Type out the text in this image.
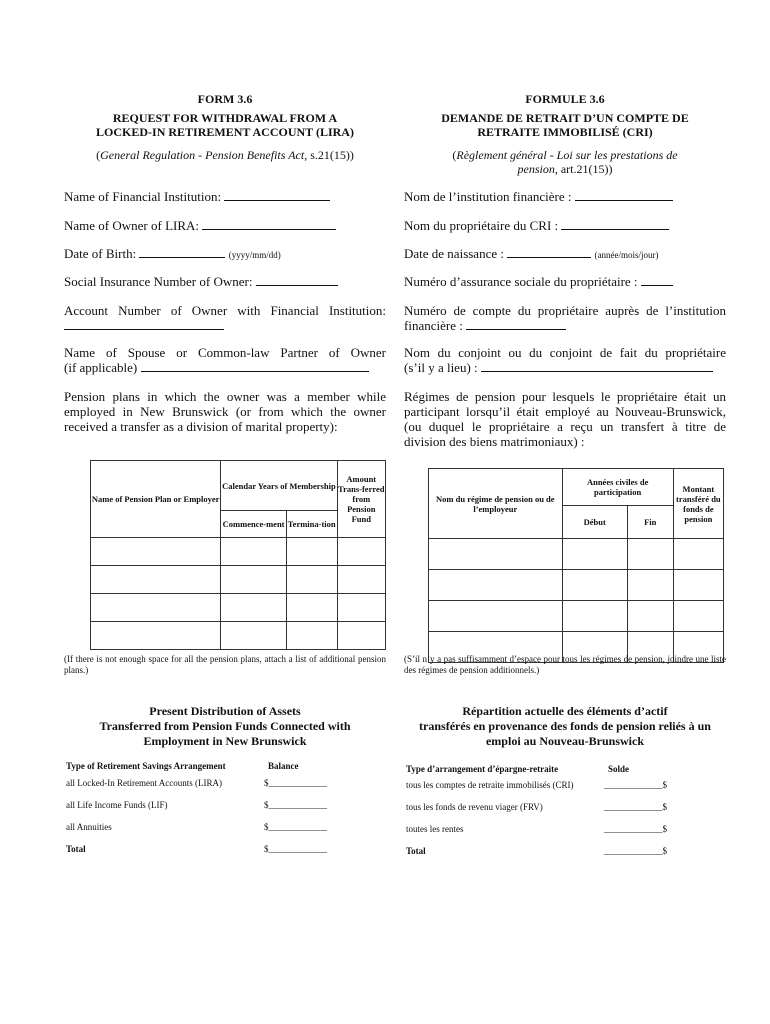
FORM 3.6
REQUEST FOR WITHDRAWAL FROM A
LOCKED-IN RETIREMENT ACCOUNT (LIRA)
(General Regulation - Pension Benefits Act, s.21(15))
Name of Financial Institution:
Name of Owner of LIRA:
Date of Birth:	(yyyy/mm/dd)
Social Insurance Number of Owner:
Account Number of Owner with Financial Institution:
Name of Spouse or Common-law Partner of Owner
(if applicable)
Pension plans in which the owner was a member while employed in New Brunswick (or from which the owner received a transfer as a division of marital property):
Name of Pension Plan or Employer	Calendar Years of Membership		Amount Trans-ferred from Pension Fund
	Commence-ment	Termina-tion	

(If there is not enough space for all the pension plans, attach a list of additional pension plans.)
Present Distribution of Assets
Transferred from Pension Funds Connected with
Employment in New Brunswick
Type of Retirement Savings Arrangement	Balance
all Locked-In Retirement Accounts (LIRA)	$_____________
all Life Income Funds (LIF)	$_____________
all Annuities	$_____________
Total	$_____________
FORMULE 3.6
DEMANDE DE RETRAIT D’UN COMPTE DE
RETRAITE IMMOBILISÉ (CRI)
(Règlement général - Loi sur les prestations de
pension, art.21(15))
Nom de l’institution financière :
Nom du propriétaire du CRI :
Date de naissance :	(année/mois/jour)
Numéro d’assurance sociale du propriétaire :
Numéro de compte du propriétaire auprès de l’institution
financière :
Nom du conjoint ou du conjoint de fait du propriétaire
(s’il y a lieu) :
Régimes de pension pour lesquels le propriétaire était un participant lorsqu’il était employé au Nouveau-Brunswick, (ou duquel le propriétaire a reçu un transfert à titre de division des biens matrimoniaux) :
Nom du régime de pension ou de l’employeur	Années civiles de participation		Montant transféré du fonds de pension
	Début	Fin	

(S’il n’y a pas suffisamment d’espace pour tous les régimes de pension, joindre une liste des régimes de pension additionnels.)
Répartition actuelle des éléments d’actif
transférés en provenance des fonds de pension reliés à un
emploi au Nouveau-Brunswick
Type d’arrangement d’épargne-retraite	Solde
tous les comptes de retraite immobilisés (CRI)	_____________$
tous les fonds de revenu viager (FRV)	_____________$
toutes les rentes	_____________$
Total	_____________$
